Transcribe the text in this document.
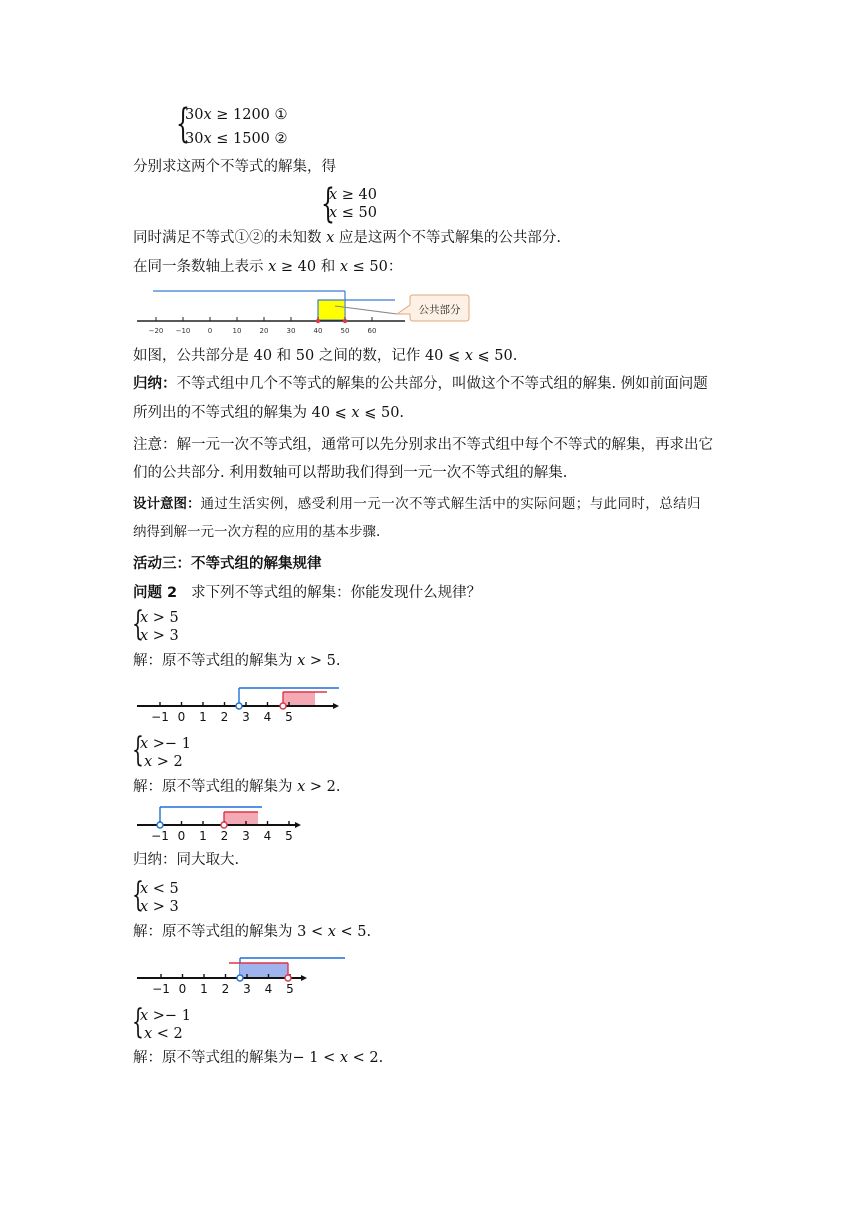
{
30𝑥 ≥ 1200 ①
30𝑥 ≤ 1500 ②
分别求这两个不等式的解集，得
{
𝑥 ≥ 40
𝑥 ≤ 50
同时满足不等式①②的未知数 𝑥 应是这两个不等式解集的公共部分.
在同一条数轴上表示 𝑥 ≥ 40 和 𝑥 ≤ 50：
−20 −10 0	10	20	30	40	50	60
公共部分
如图，公共部分是 40 和 50 之间的数，记作 40 ⩽ 𝑥 ⩽ 50.
归纳：不等式组中几个不等式的解集的公共部分，叫做这个不等式组的解集. 例如前面问题
所列出的不等式组的解集为 40 ⩽ 𝑥 ⩽ 50.
注意：解一元一次不等式组，通常可以先分别求出不等式组中每个不等式的解集，再求出它
们的公共部分. 利用数轴可以帮助我们得到一元一次不等式组的解集.
设计意图：通过生活实例，感受利用一元一次不等式解生活中的实际问题；与此同时，总结归
纳得到解一元一次方程的应用的基本步骤.
活动三：不等式组的解集规律
问题 2 求下列不等式组的解集：你能发现什么规律？
{
𝑥 > 5
𝑥 > 3
解：原不等式组的解集为 𝑥 > 5.
−1 0 1 2 3 4 5
{
𝑥 >− 1
𝑥 > 2
解：原不等式组的解集为 𝑥 > 2.
−1 0 1 2 3 4 5
归纳：同大取大.
{
𝑥 < 5
𝑥 > 3
解：原不等式组的解集为 3 < 𝑥 < 5.
−1 0 1 2 3 4 5
{
𝑥 >− 1
𝑥 < 2
解：原不等式组的解集为− 1 < 𝑥 < 2.
